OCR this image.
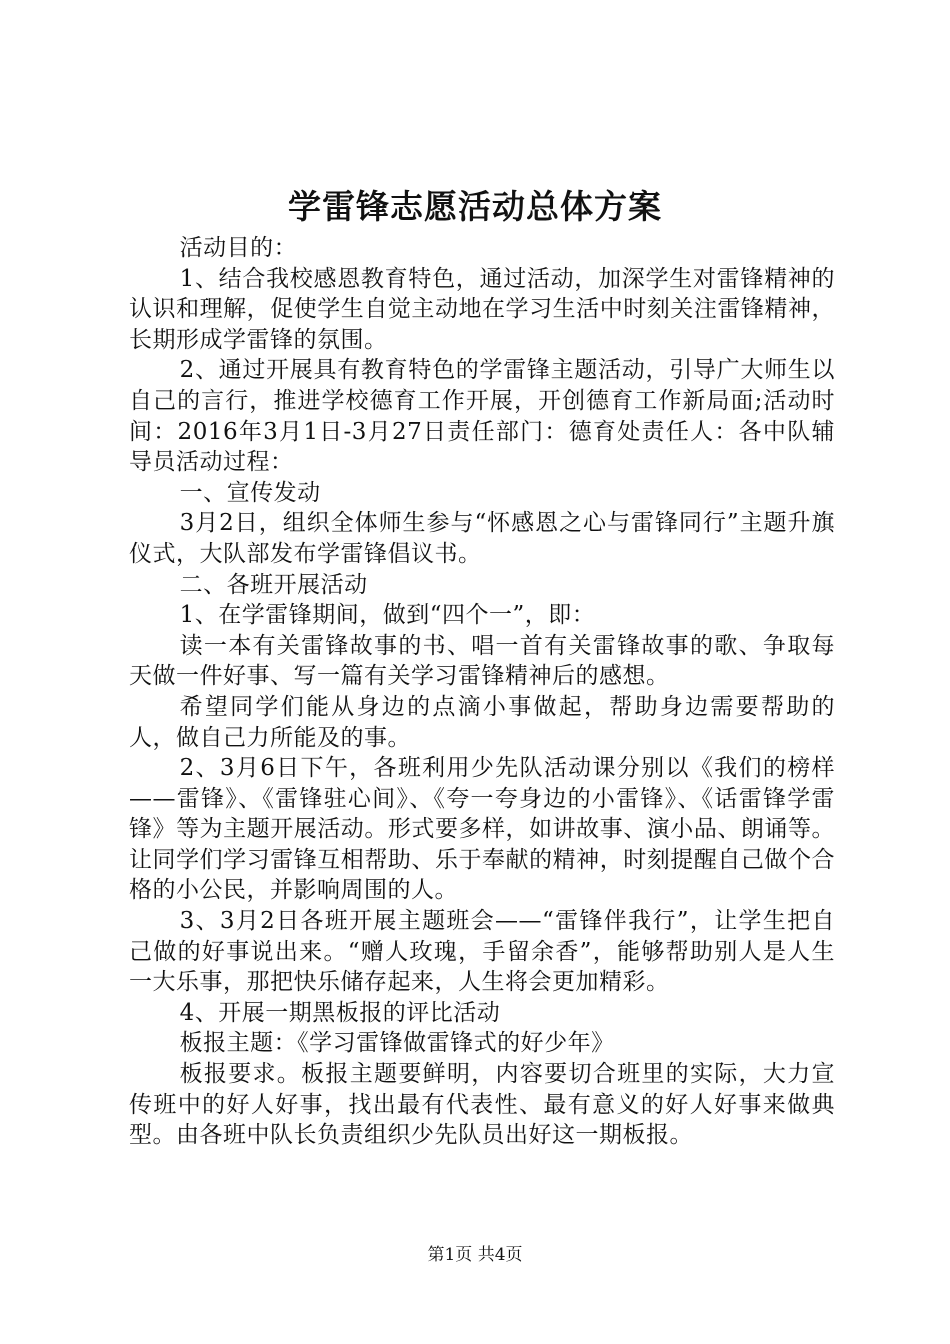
学雷锋志愿活动总体方案

活动目的：

1、结合我校感恩教育特色，通过活动，加深学生对雷锋精神的认识和理解，促使学生自觉主动地在学习生活中时刻关注雷锋精神，长期形成学雷锋的氛围。

2、通过开展具有教育特色的学雷锋主题活动，引导广大师生以自己的言行，推进学校德育工作开展，开创德育工作新局面;活动时间：2016年3月1日-3月27日责任部门：德育处责任人：各中队辅导员活动过程：

一、宣传发动

3月2日，组织全体师生参与“怀感恩之心与雷锋同行”主题升旗仪式，大队部发布学雷锋倡议书。

二、各班开展活动

1、在学雷锋期间，做到“四个一”，即：

读一本有关雷锋故事的书、唱一首有关雷锋故事的歌、争取每天做一件好事、写一篇有关学习雷锋精神后的感想。

希望同学们能从身边的点滴小事做起，帮助身边需要帮助的人，做自己力所能及的事。

2、3月6日下午，各班利用少先队活动课分别以《我们的榜样——雷锋》、《雷锋驻心间》、《夸一夸身边的小雷锋》、《话雷锋学雷锋》等为主题开展活动。形式要多样，如讲故事、演小品、朗诵等。让同学们学习雷锋互相帮助、乐于奉献的精神，时刻提醒自己做个合格的小公民，并影响周围的人。

3、3月2日各班开展主题班会——“雷锋伴我行”，让学生把自己做的好事说出来。“赠人玫瑰，手留余香”，能够帮助别人是人生一大乐事，那把快乐储存起来，人生将会更加精彩。

4、开展一期黑板报的评比活动

板报主题：《学习雷锋做雷锋式的好少年》

板报要求。板报主题要鲜明，内容要切合班里的实际，大力宣传班中的好人好事，找出最有代表性、最有意义的好人好事来做典型。由各班中队长负责组织少先队员出好这一期板报。

第1页 共4页
